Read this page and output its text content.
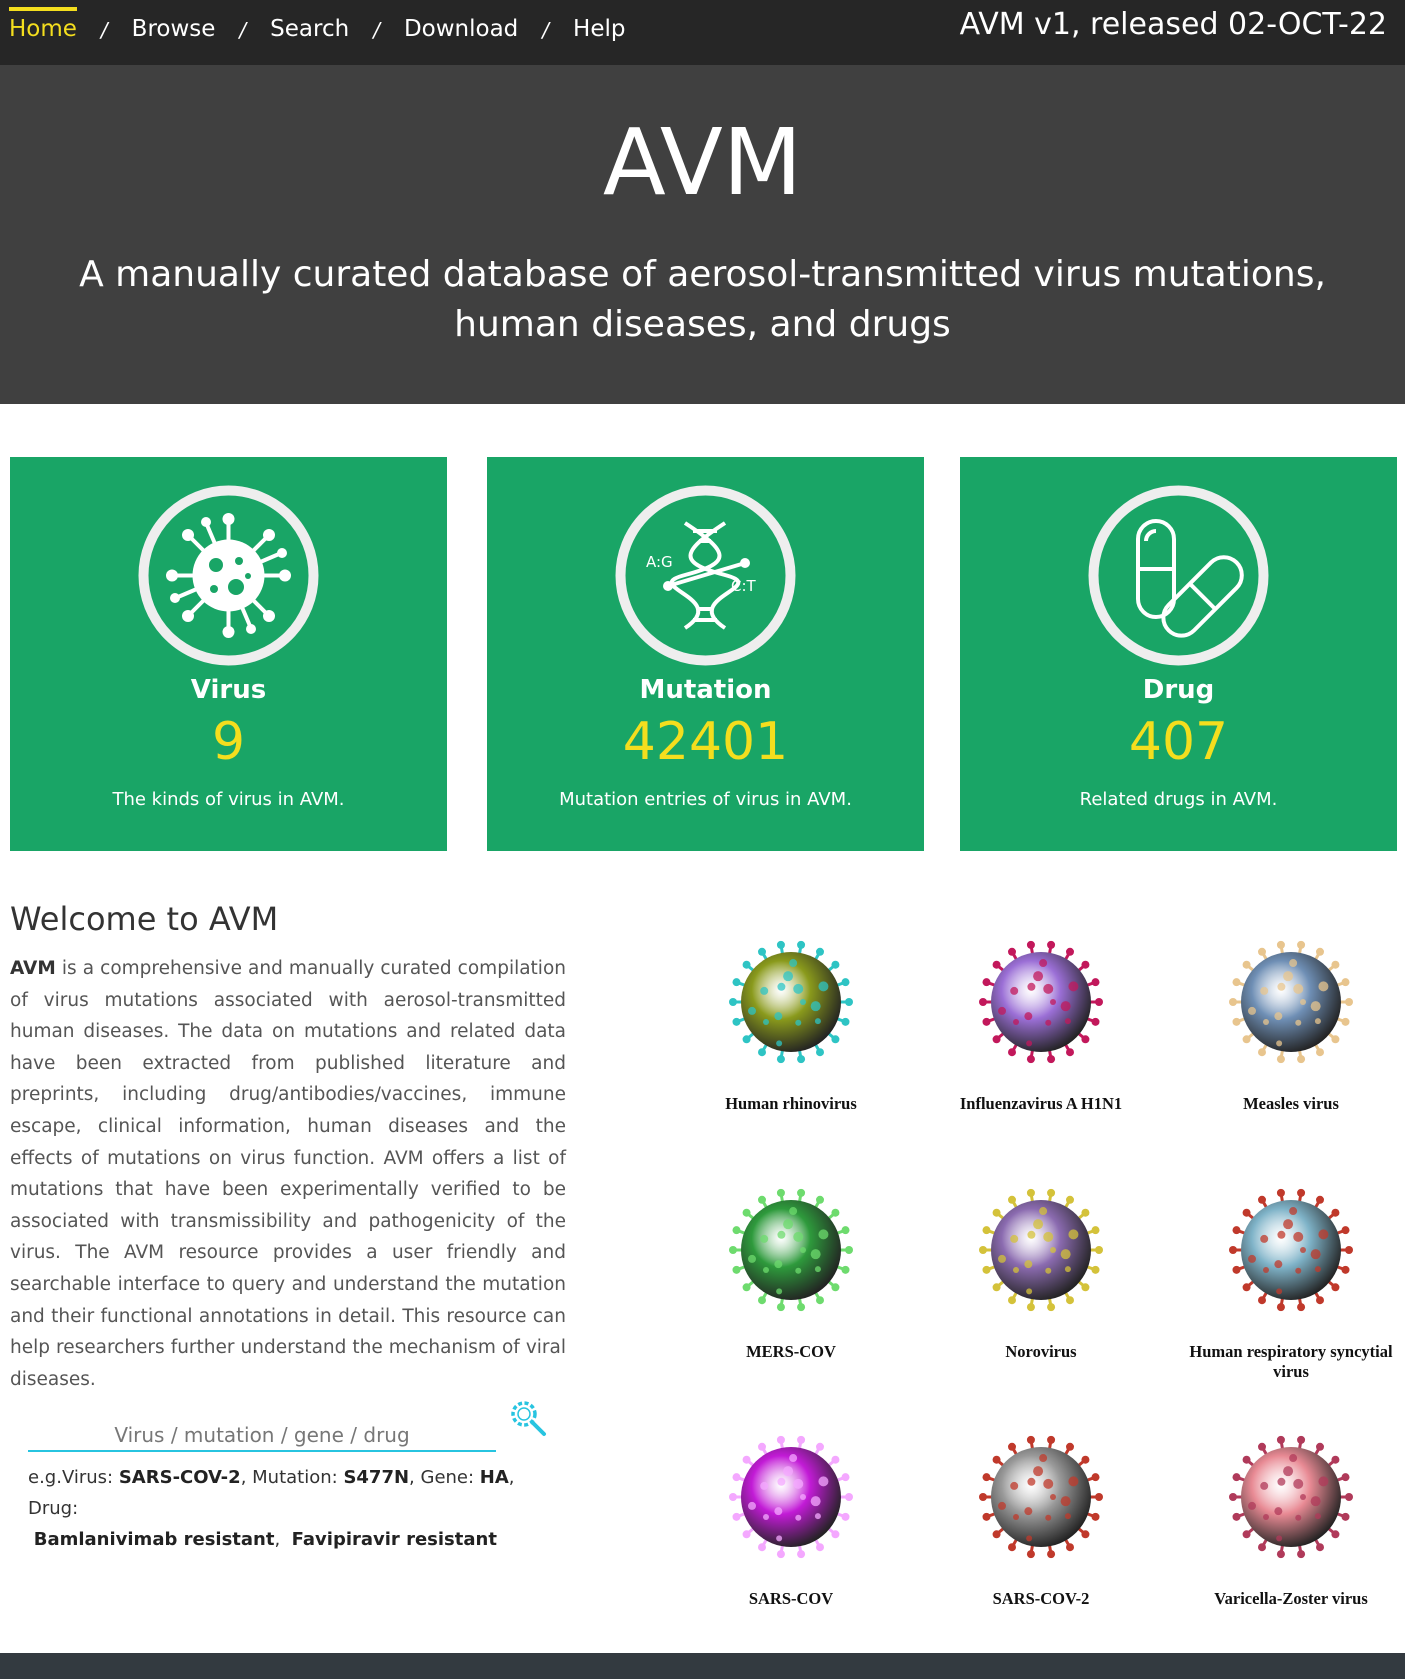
Home / Browse / Search / Download / Help	AVM v1, released 02-OCT-22
AVM
A manually curated database of aerosol-transmitted virus mutations, human diseases, and drugs
Virus
9
The kinds of virus in AVM.
A:G
C:T
Mutation
42401
Mutation entries of virus in AVM.
Drug
407
Related drugs in AVM.
Welcome to AVM
AVM is a comprehensive and manually curated compilation of virus mutations associated with aerosol-transmitted human diseases. The data on mutations and related data have been extracted from published literature and preprints, including drug/antibodies/vaccines, immune escape, clinical information, human diseases and the effects of mutations on virus function. AVM offers a list of mutations that have been experimentally verified to be associated with transmissibility and pathogenicity of the virus. The AVM resource provides a user friendly and searchable interface to query and understand the mutation and their functional annotations in detail. This resource can help researchers further understand the mechanism of viral diseases.
Virus / mutation / gene / drug
e.g.Virus: SARS-COV-2, Mutation: S477N, Gene: HA, Drug:
Bamlanivimab resistant,  Favipiravir resistant
Human rhinovirus	Influenzavirus A H1N1	Measles virus
MERS-COV	Norovirus	Human respiratory syncytial virus
SARS-COV	SARS-COV-2	Varicella-Zoster virus
